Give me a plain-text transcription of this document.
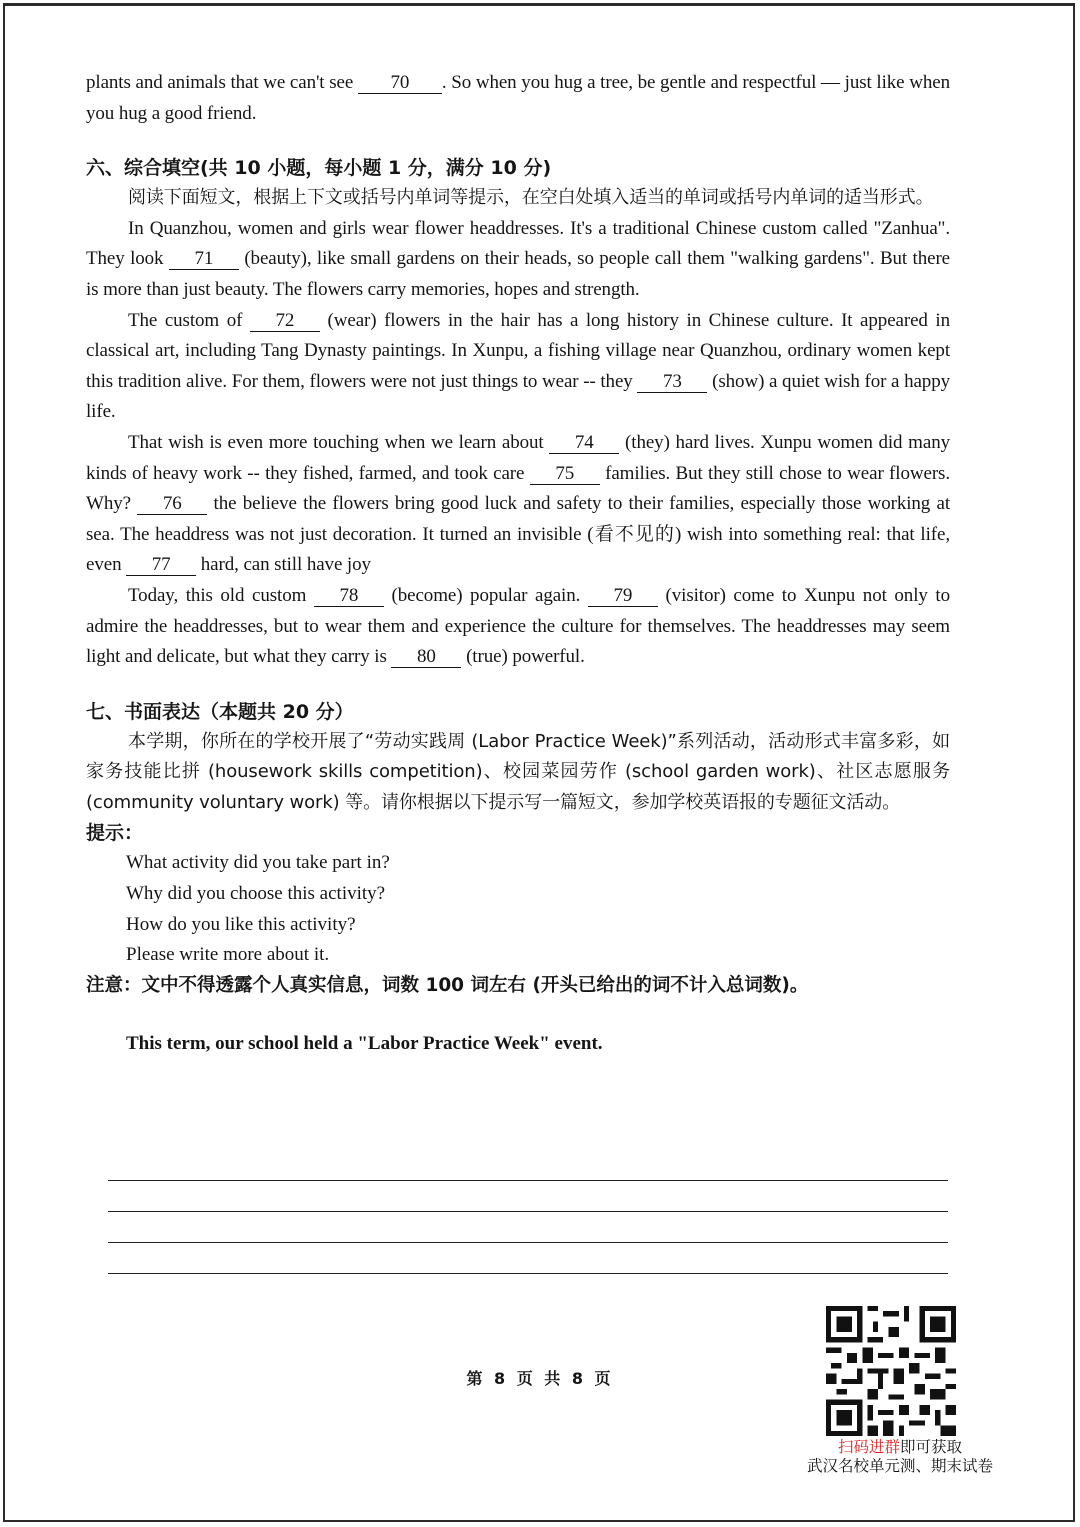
plants and animals that we can't see 70 . So when you hug a tree, be gentle and respectful — just like when you hug a good friend.

六、综合填空(共 10 小题，每小题 1 分，满分 10 分)

阅读下面短文，根据上下文或括号内单词等提示，在空白处填入适当的单词或括号内单词的适当形式。

In Quanzhou, women and girls wear flower headdresses. It's a traditional Chinese custom called "Zanhua". They look 71 (beauty), like small gardens on their heads, so people call them "walking gardens". But there is more than just beauty. The flowers carry memories, hopes and strength.

The custom of 72 (wear) flowers in the hair has a long history in Chinese culture. It appeared in classical art, including Tang Dynasty paintings. In Xunpu, a fishing village near Quanzhou, ordinary women kept this tradition alive. For them, flowers were not just things to wear -- they 73 (show) a quiet wish for a happy life.

That wish is even more touching when we learn about 74 (they) hard lives. Xunpu women did many kinds of heavy work -- they fished, farmed, and took care 75 families. But they still chose to wear flowers. Why? 76 the believe the flowers bring good luck and safety to their families, especially those working at sea. The headdress was not just decoration. It turned an invisible (看不见的) wish into something real: that life, even 77 hard, can still have joy

Today, this old custom 78 (become) popular again. 79 (visitor) come to Xunpu not only to admire the headdresses, but to wear them and experience the culture for themselves. The headdresses may seem light and delicate, but what they carry is 80 (true) powerful.

七、书面表达（本题共 20 分）

本学期，你所在的学校开展了“劳动实践周 (Labor Practice Week)”系列活动，活动形式丰富多彩，如家务技能比拼 (housework skills competition)、校园菜园劳作 (school garden work)、社区志愿服务 (community voluntary work) 等。请你根据以下提示写一篇短文，参加学校英语报的专题征文活动。

提示：

What activity did you take part in?

Why did you choose this activity?

How do you like this activity?

Please write more about it.

注意：文中不得透露个人真实信息，词数 100 词左右 (开头已给出的词不计入总词数)。

This term, our school held a "Labor Practice Week" event.

第 8 页 共 8 页
扫码进群即可获取
武汉名校单元测、期末试卷
